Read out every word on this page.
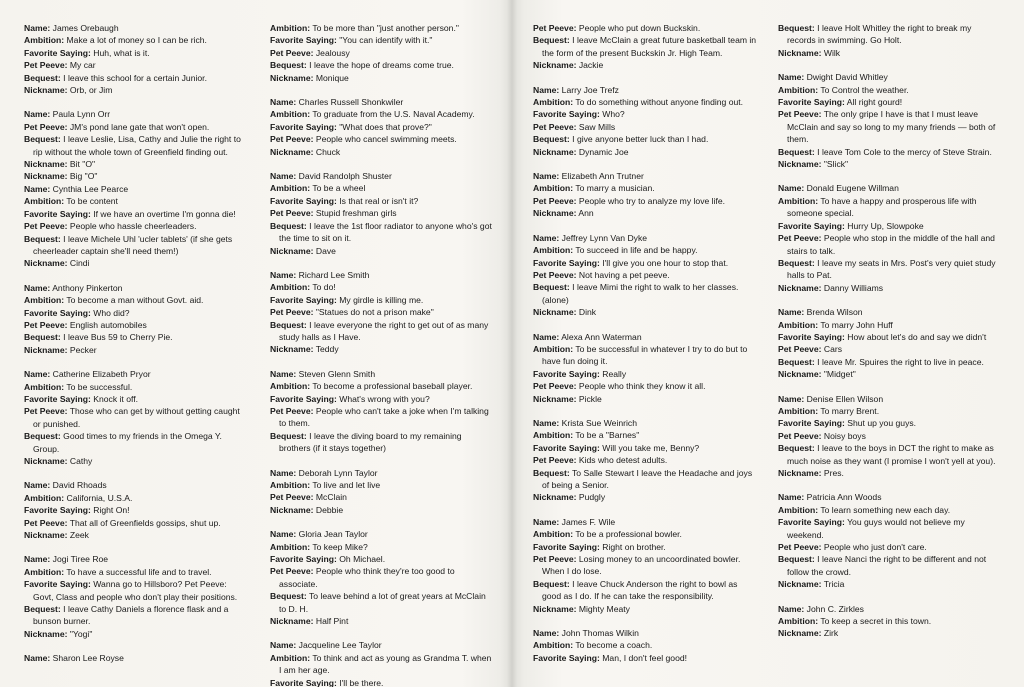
Name: James Orebaugh
Ambition: Make a lot of money so I can be rich.
Favorite Saying: Huh, what is it.
Pet Peeve: My car
Bequest: I leave this school for a certain Junior.
Nickname: Orb, or Jim
Name: Paula Lynn Orr
Pet Peeve: JM's pond lane gate that won't open.
Bequest: I leave Leslie, Lisa, Cathy and Julie the right to rip without the whole town of Greenfield finding out.
Nickname: Bit "O"
Nickname: Big "O"
Name: Cynthia Lee Pearce
Ambition: To be content
Favorite Saying: If we have an overtime I'm gonna die!
Pet Peeve: People who hassle cheerleaders.
Bequest: I leave Michele Uhl 'ucler tablets' (if she gets cheerleader captain she'll need them!)
Nickname: Cindi
Name: Anthony Pinkerton
Ambition: To become a man without Govt. aid.
Favorite Saying: Who did?
Pet Peeve: English automobiles
Bequest: I leave Bus 59 to Cherry Pie.
Nickname: Pecker
Name: Catherine Elizabeth Pryor
Ambition: To be successful.
Favorite Saying: Knock it off.
Pet Peeve: Those who can get by without getting caught or punished.
Bequest: Good times to my friends in the Omega Y. Group.
Nickname: Cathy
Name: David Rhoads
Ambition: California, U.S.A.
Favorite Saying: Right On!
Pet Peeve: That all of Greenfields gossips, shut up.
Nickname: Zeek
Name: Jogi Tiree Roe
Ambition: To have a successful life and to travel.
Favorite Saying: Wanna go to Hillsboro? Pet Peeve: Govt, Class and people who don't play their positions.
Bequest: I leave Cathy Daniels a florence flask and a bunson burner.
Nickname: "Yogi"
Name: Sharon Lee Royse
Ambition: To be more than "just another person."
Favorite Saying: "You can identify with it."
Pet Peeve: Jealousy
Bequest: I leave the hope of dreams come true.
Nickname: Monique
Name: Charles Russell Shonkwiler
Ambition: To graduate from the U.S. Naval Academy.
Favorite Saying: "What does that prove?"
Pet Peeve: People who cancel swimming meets.
Nickname: Chuck
Name: David Randolph Shuster
Ambition: To be a wheel
Favorite Saying: Is that real or isn't it?
Pet Peeve: Stupid freshman girls
Bequest: I leave the 1st floor radiator to anyone who's got the time to sit on it.
Nickname: Dave
Name: Richard Lee Smith
Ambition: To do!
Favorite Saying: My girdle is killing me.
Pet Peeve: "Statues do not a prison make"
Bequest: I leave everyone the right to get out of as many study halls as I Have.
Nickname: Teddy
Name: Steven Glenn Smith
Ambition: To become a professional baseball player.
Favorite Saying: What's wrong with you?
Pet Peeve: People who can't take a joke when I'm talking to them.
Bequest: I leave the diving board to my remaining brothers (if it stays together)
Name: Deborah Lynn Taylor
Ambition: To live and let live
Pet Peeve: McClain
Nickname: Debbie
Name: Gloria Jean Taylor
Ambition: To keep Mike?
Favorite Saying: Oh Michael.
Pet Peeve: People who think they're too good to associate.
Bequest: To leave behind a lot of great years at McClain to D. H.
Nickname: Half Pint
Name: Jacqueline Lee Taylor
Ambition: To think and act as young as Grandma T. when I am her age.
Favorite Saying: I'll be there.
Pet Peeve: People who put down Buckskin.
Bequest: I leave McClain a great future basketball team in the form of the present Buckskin Jr. High Team.
Nickname: Jackie
Name: Larry Joe Trefz
Ambition: To do something without anyone finding out.
Favorite Saying: Who?
Pet Peeve: Saw Mills
Bequest: I give anyone better luck than I had.
Nickname: Dynamic Joe
Name: Elizabeth Ann Trutner
Ambition: To marry a musician.
Pet Peeve: People who try to analyze my love life.
Nickname: Ann
Name: Jeffrey Lynn Van Dyke
Ambition: To succeed in life and be happy.
Favorite Saying: I'll give you one hour to stop that.
Pet Peeve: Not having a pet peeve.
Bequest: I leave Mimi the right to walk to her classes. (alone)
Nickname: Dink
Name: Alexa Ann Waterman
Ambition: To be successful in whatever I try to do but to have fun doing it.
Favorite Saying: Really
Pet Peeve: People who think they know it all.
Nickname: Pickle
Name: Krista Sue Weinrich
Ambition: To be a "Barnes"
Favorite Saying: Will you take me, Benny?
Pet Peeve: Kids who detest adults.
Bequest: To Salle Stewart I leave the Headache and joys of being a Senior.
Nickname: Pudgly
Name: James F. Wile
Ambition: To be a professional bowler.
Favorite Saying: Right on brother.
Pet Peeve: Losing money to an uncoordinated bowler. When I do lose.
Bequest: I leave Chuck Anderson the right to bowl as good as I do. If he can take the responsibility.
Nickname: Mighty Meaty
Name: John Thomas Wilkin
Ambition: To become a coach.
Favorite Saying: Man, I don't feel good!
Bequest: I leave Holt Whitley the right to break my records in swimming. Go Holt.
Nickname: Wilk
Name: Dwight David Whitley
Ambition: To Control the weather.
Favorite Saying: All right gourd!
Pet Peeve: The only gripe I have is that I must leave McClain and say so long to my many friends — both of them.
Bequest: I leave Tom Cole to the mercy of Steve Strain.
Nickname: "Slick"
Name: Donald Eugene Willman
Ambition: To have a happy and prosperous life with someone special.
Favorite Saying: Hurry Up, Slowpoke
Pet Peeve: People who stop in the middle of the hall and stairs to talk.
Bequest: I leave my seats in Mrs. Post's very quiet study halls to Pat.
Nickname: Danny Williams
Name: Brenda Wilson
Ambition: To marry John Huff
Favorite Saying: How about let's do and say we didn't
Pet Peeve: Cars
Bequest: I leave Mr. Spuires the right to live in peace.
Nickname: "Midget"
Name: Denise Ellen Wilson
Ambition: To marry Brent.
Favorite Saying: Shut up you guys.
Pet Peeve: Noisy boys
Bequest: I leave to the boys in DCT the right to make as much noise as they want (I promise I won't yell at you).
Nickname: Pres.
Name: Patricia Ann Woods
Ambition: To learn something new each day.
Favorite Saying: You guys would not believe my weekend.
Pet Peeve: People who just don't care.
Bequest: I leave Nanci the right to be different and not follow the crowd.
Nickname: Tricia
Name: John C. Zirkles
Ambition: To keep a secret in this town.
Nickname: Zirk
